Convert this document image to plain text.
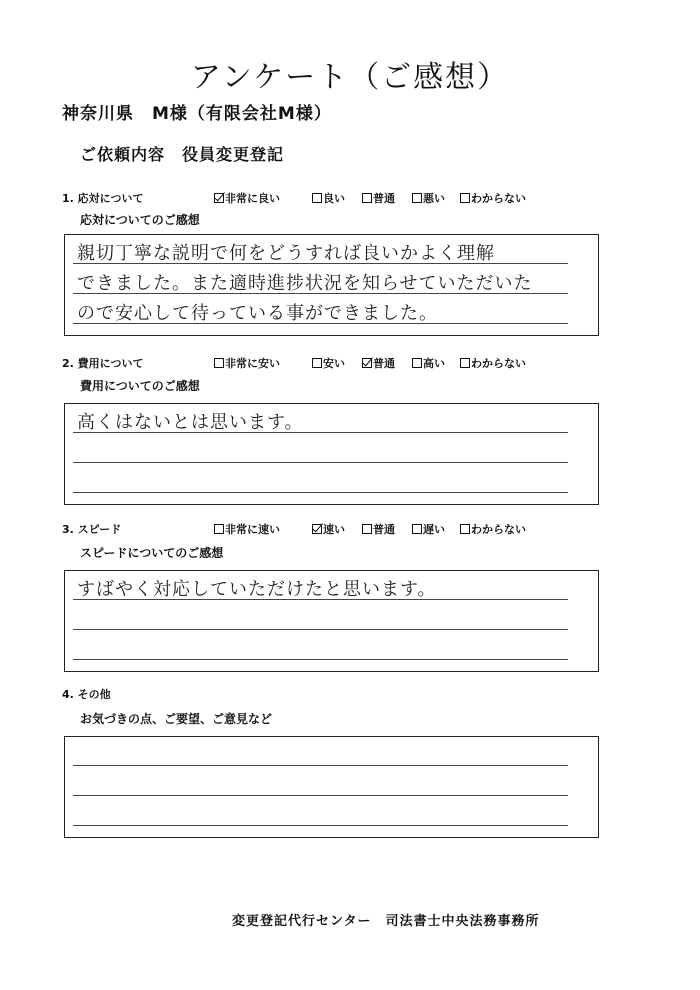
アンケート（ご感想）
神奈川県　M様（有限会社M様）
ご依頼内容　役員変更登記
1. 応対について	非常に良い	良い	普通	悪い	わからない
応対についてのご感想
親切丁寧な説明で何をどうすれば良いかよく理解
できました。また適時進捗状況を知らせていただいた
ので安心して待っている事ができました。
2. 費用について	非常に安い	安い	普通	高い	わからない
費用についてのご感想
高くはないとは思います。
3. スピード	非常に速い	速い	普通	遅い	わからない
スピードについてのご感想
すばやく対応していただけたと思います。
4. その他
お気づきの点、ご要望、ご意見など
変更登記代行センター　司法書士中央法務事務所
